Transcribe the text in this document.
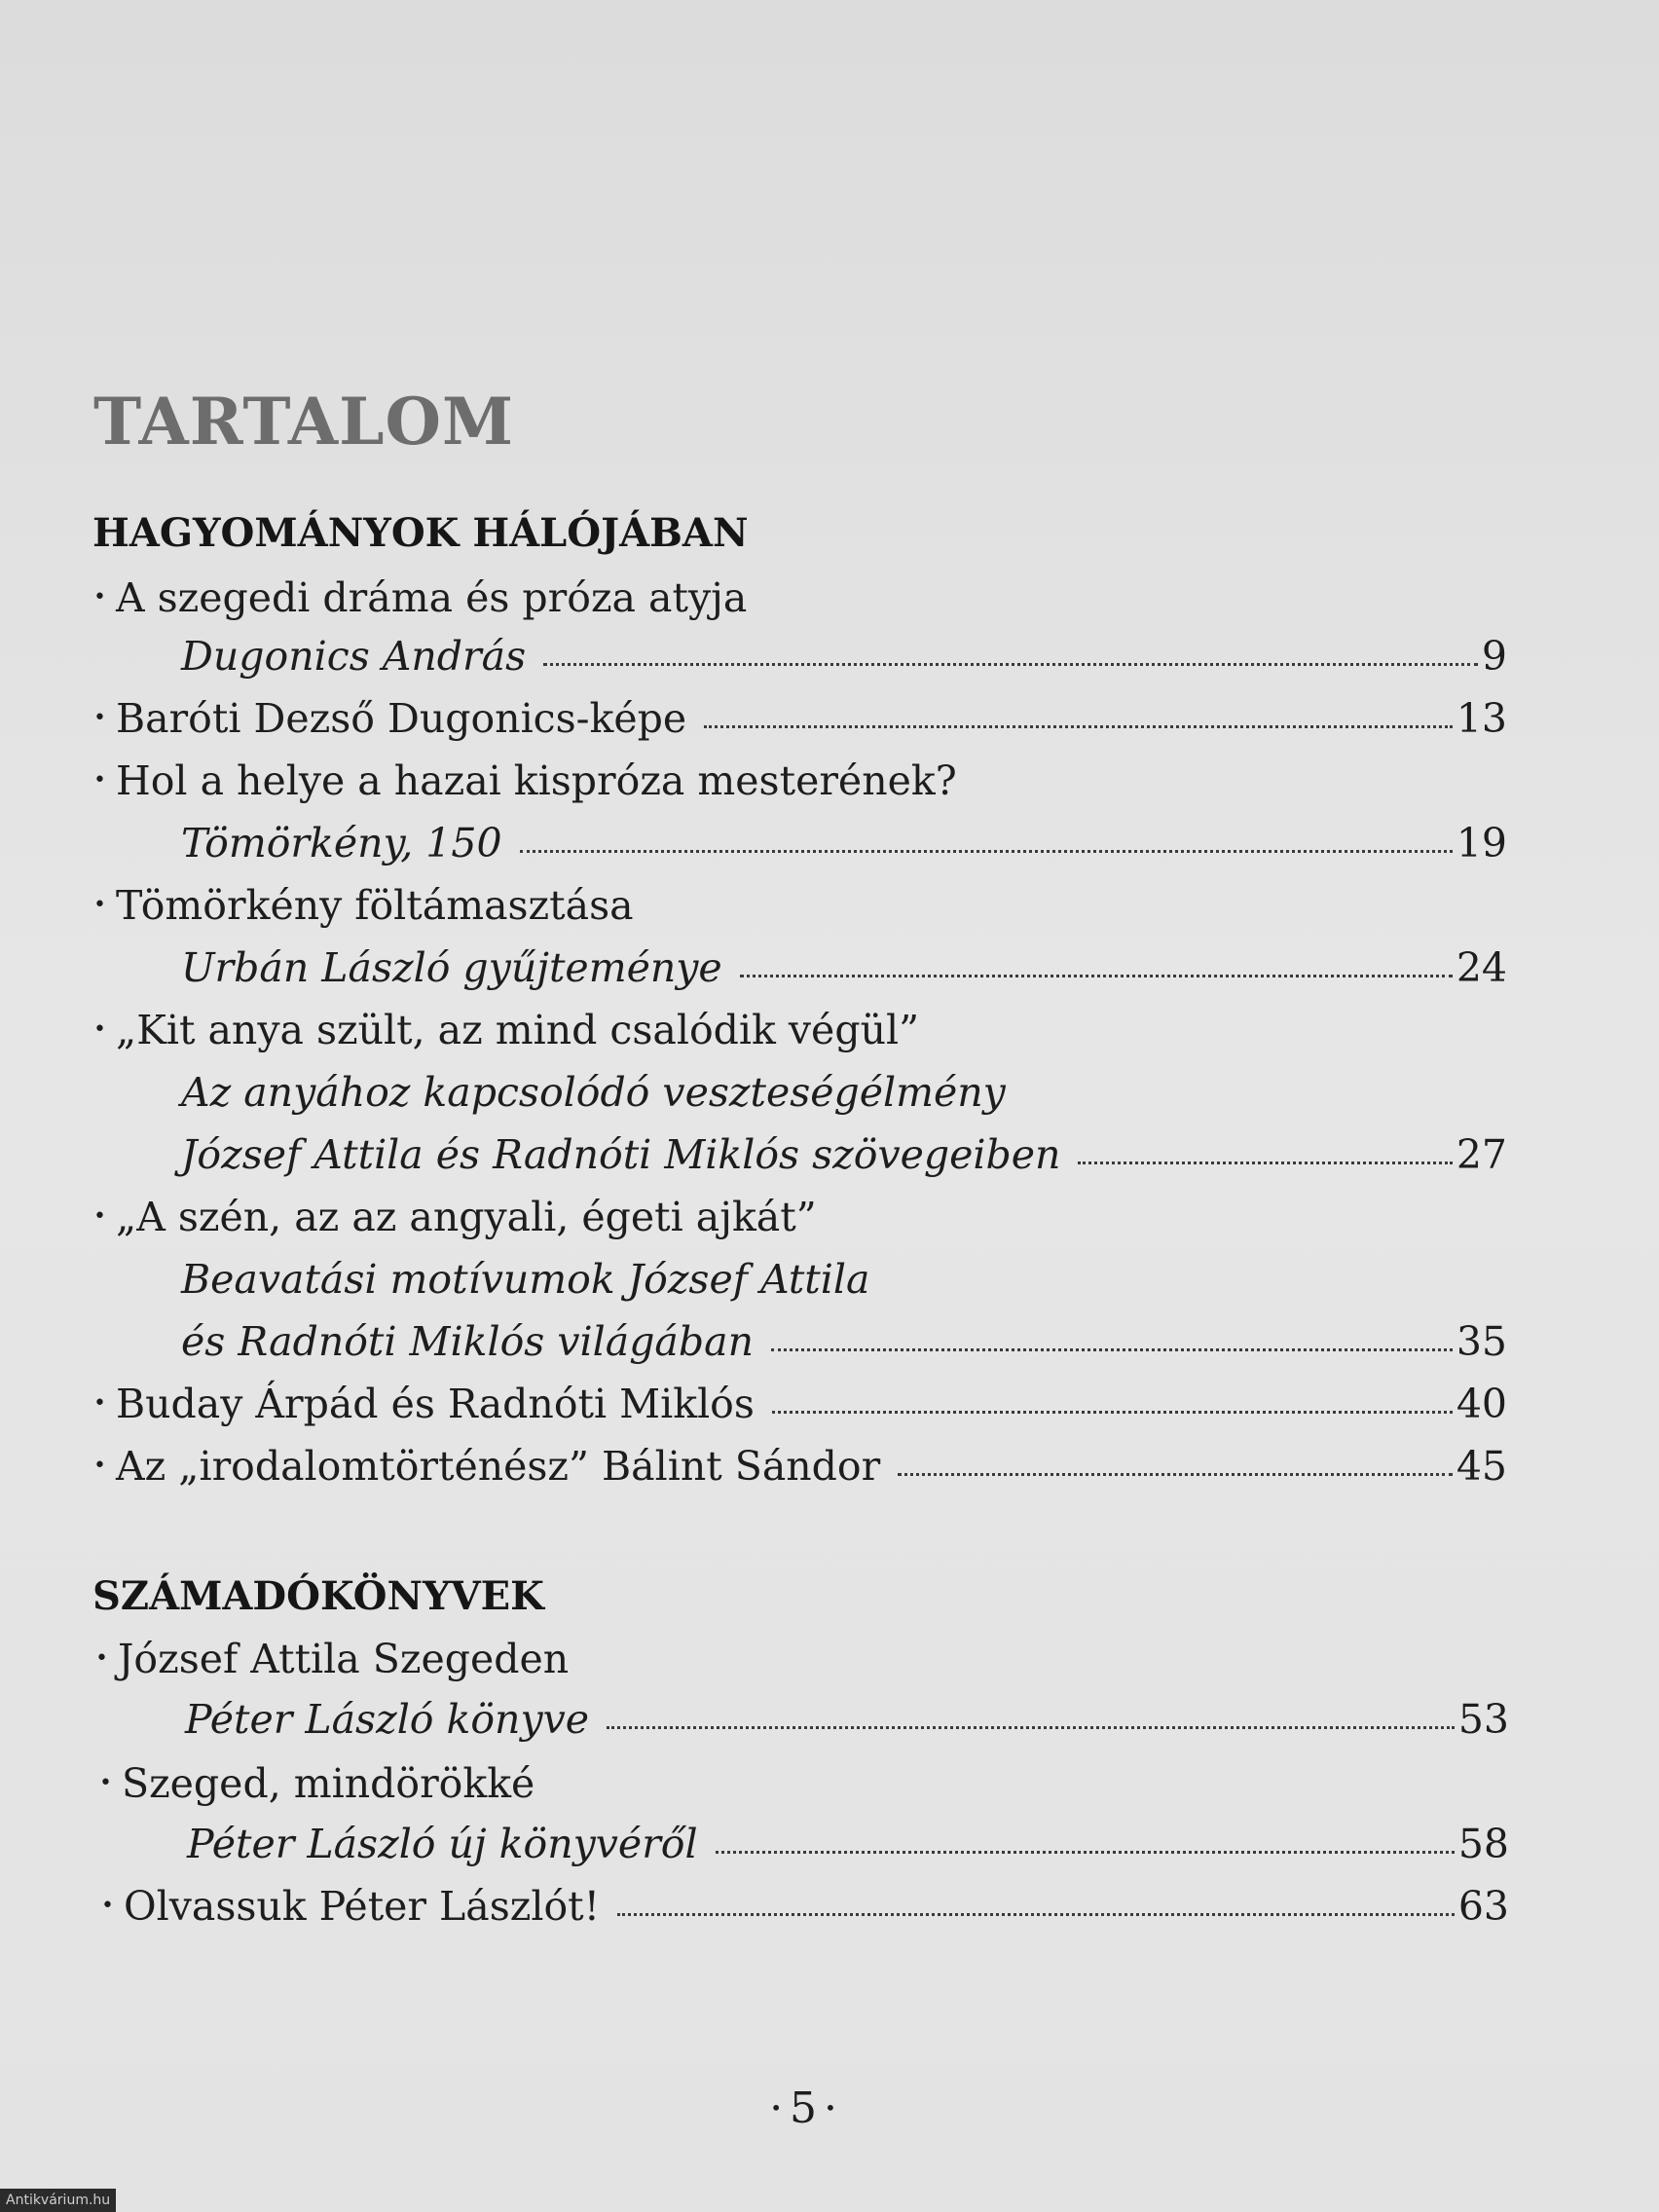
TARTALOM
HAGYOMÁNYOK HÁLÓJÁBAN
• A szegedi dráma és próza atyja
Dugonics András	9
• Baróti Dezső Dugonics-képe	13
• Hol a helye a hazai kispróza mesterének?
Tömörkény, 150	19
• Tömörkény föltámasztása
Urbán László gyűjteménye	24
• „Kit anya szült, az mind csalódik végül”
Az anyához kapcsolódó veszteségélmény
József Attila és Radnóti Miklós szövegeiben	27
• „A szén, az az angyali, égeti ajkát”
Beavatási motívumok József Attila
és Radnóti Miklós világában	35
• Buday Árpád és Radnóti Miklós	40
• Az „irodalomtörténész” Bálint Sándor	45
SZÁMADÓKÖNYVEK
• József Attila Szegeden
Péter László könyve	53
• Szeged, mindörökké
Péter László új könyvéről	58
• Olvassuk Péter Lászlót!	63
• 5 •
Antikvárium.hu
